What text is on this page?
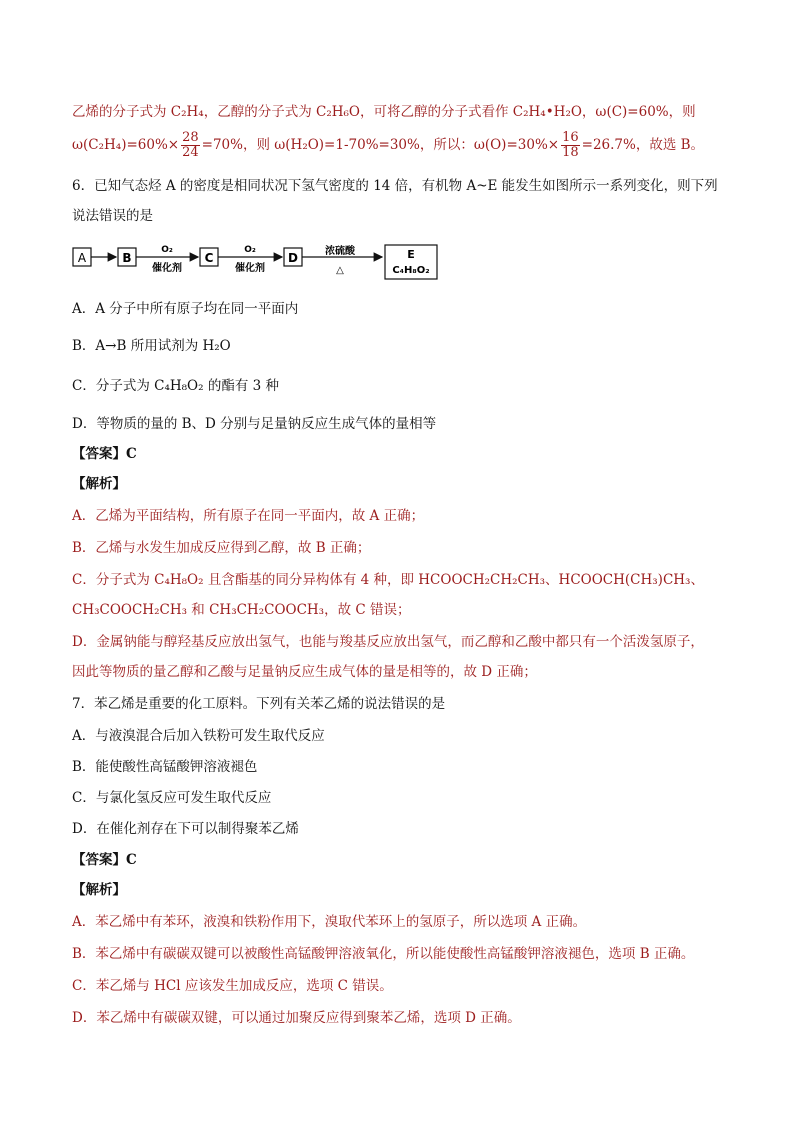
乙烯的分子式为 C₂H₄，乙醇的分子式为 C₂H₆O，可将乙醇的分子式看作 C₂H₄•H₂O，ω(C)=60%，则
$\omega(C_2H_4)=60\%\times \frac{28}{24} =70\%$，则 ω(H₂O)=1-70%=30%，所以：$\omega(O)=30\%\times \frac{16}{18} =26.7\%$，故选 B。
6．已知气态烃 A 的密度是相同状况下氢气密度的 14 倍，有机物 A~E 能发生如图所示一系列变化，则下列
说法错误的是
A	B
O₂
催化剂
C
O₂
催化剂
D	浓硫酸
△
E
C₄H₈O₂
A．A 分子中所有原子均在同一平面内
B．A→B 所用试剂为 H₂O
C．分子式为 C₄H₈O₂ 的酯有 3 种
D．等物质的量的 B、D 分别与足量钠反应生成气体的量相等
【答案】C
【解析】
A．乙烯为平面结构，所有原子在同一平面内，故 A 正确；
B．乙烯与水发生加成反应得到乙醇，故 B 正确；
C．分子式为 C₄H₈O₂ 且含酯基的同分异构体有 4 种，即 HCOOCH₂CH₂CH₃、HCOOCH(CH₃)CH₃、
CH₃COOCH₂CH₃ 和 CH₃CH₂COOCH₃，故 C 错误；
D．金属钠能与醇羟基反应放出氢气，也能与羧基反应放出氢气，而乙醇和乙酸中都只有一个活泼氢原子，
因此等物质的量乙醇和乙酸与足量钠反应生成气体的量是相等的，故 D 正确；
7．苯乙烯是重要的化工原料。下列有关苯乙烯的说法错误的是
A．与液溴混合后加入铁粉可发生取代反应
B．能使酸性高锰酸钾溶液褪色
C．与氯化氢反应可发生取代反应
D．在催化剂存在下可以制得聚苯乙烯
【答案】C
【解析】
A．苯乙烯中有苯环，液溴和铁粉作用下，溴取代苯环上的氢原子，所以选项 A 正确。
B．苯乙烯中有碳碳双键可以被酸性高锰酸钾溶液氧化，所以能使酸性高锰酸钾溶液褪色，选项 B 正确。
C．苯乙烯与 HCl 应该发生加成反应，选项 C 错误。
D．苯乙烯中有碳碳双键，可以通过加聚反应得到聚苯乙烯，选项 D 正确。
